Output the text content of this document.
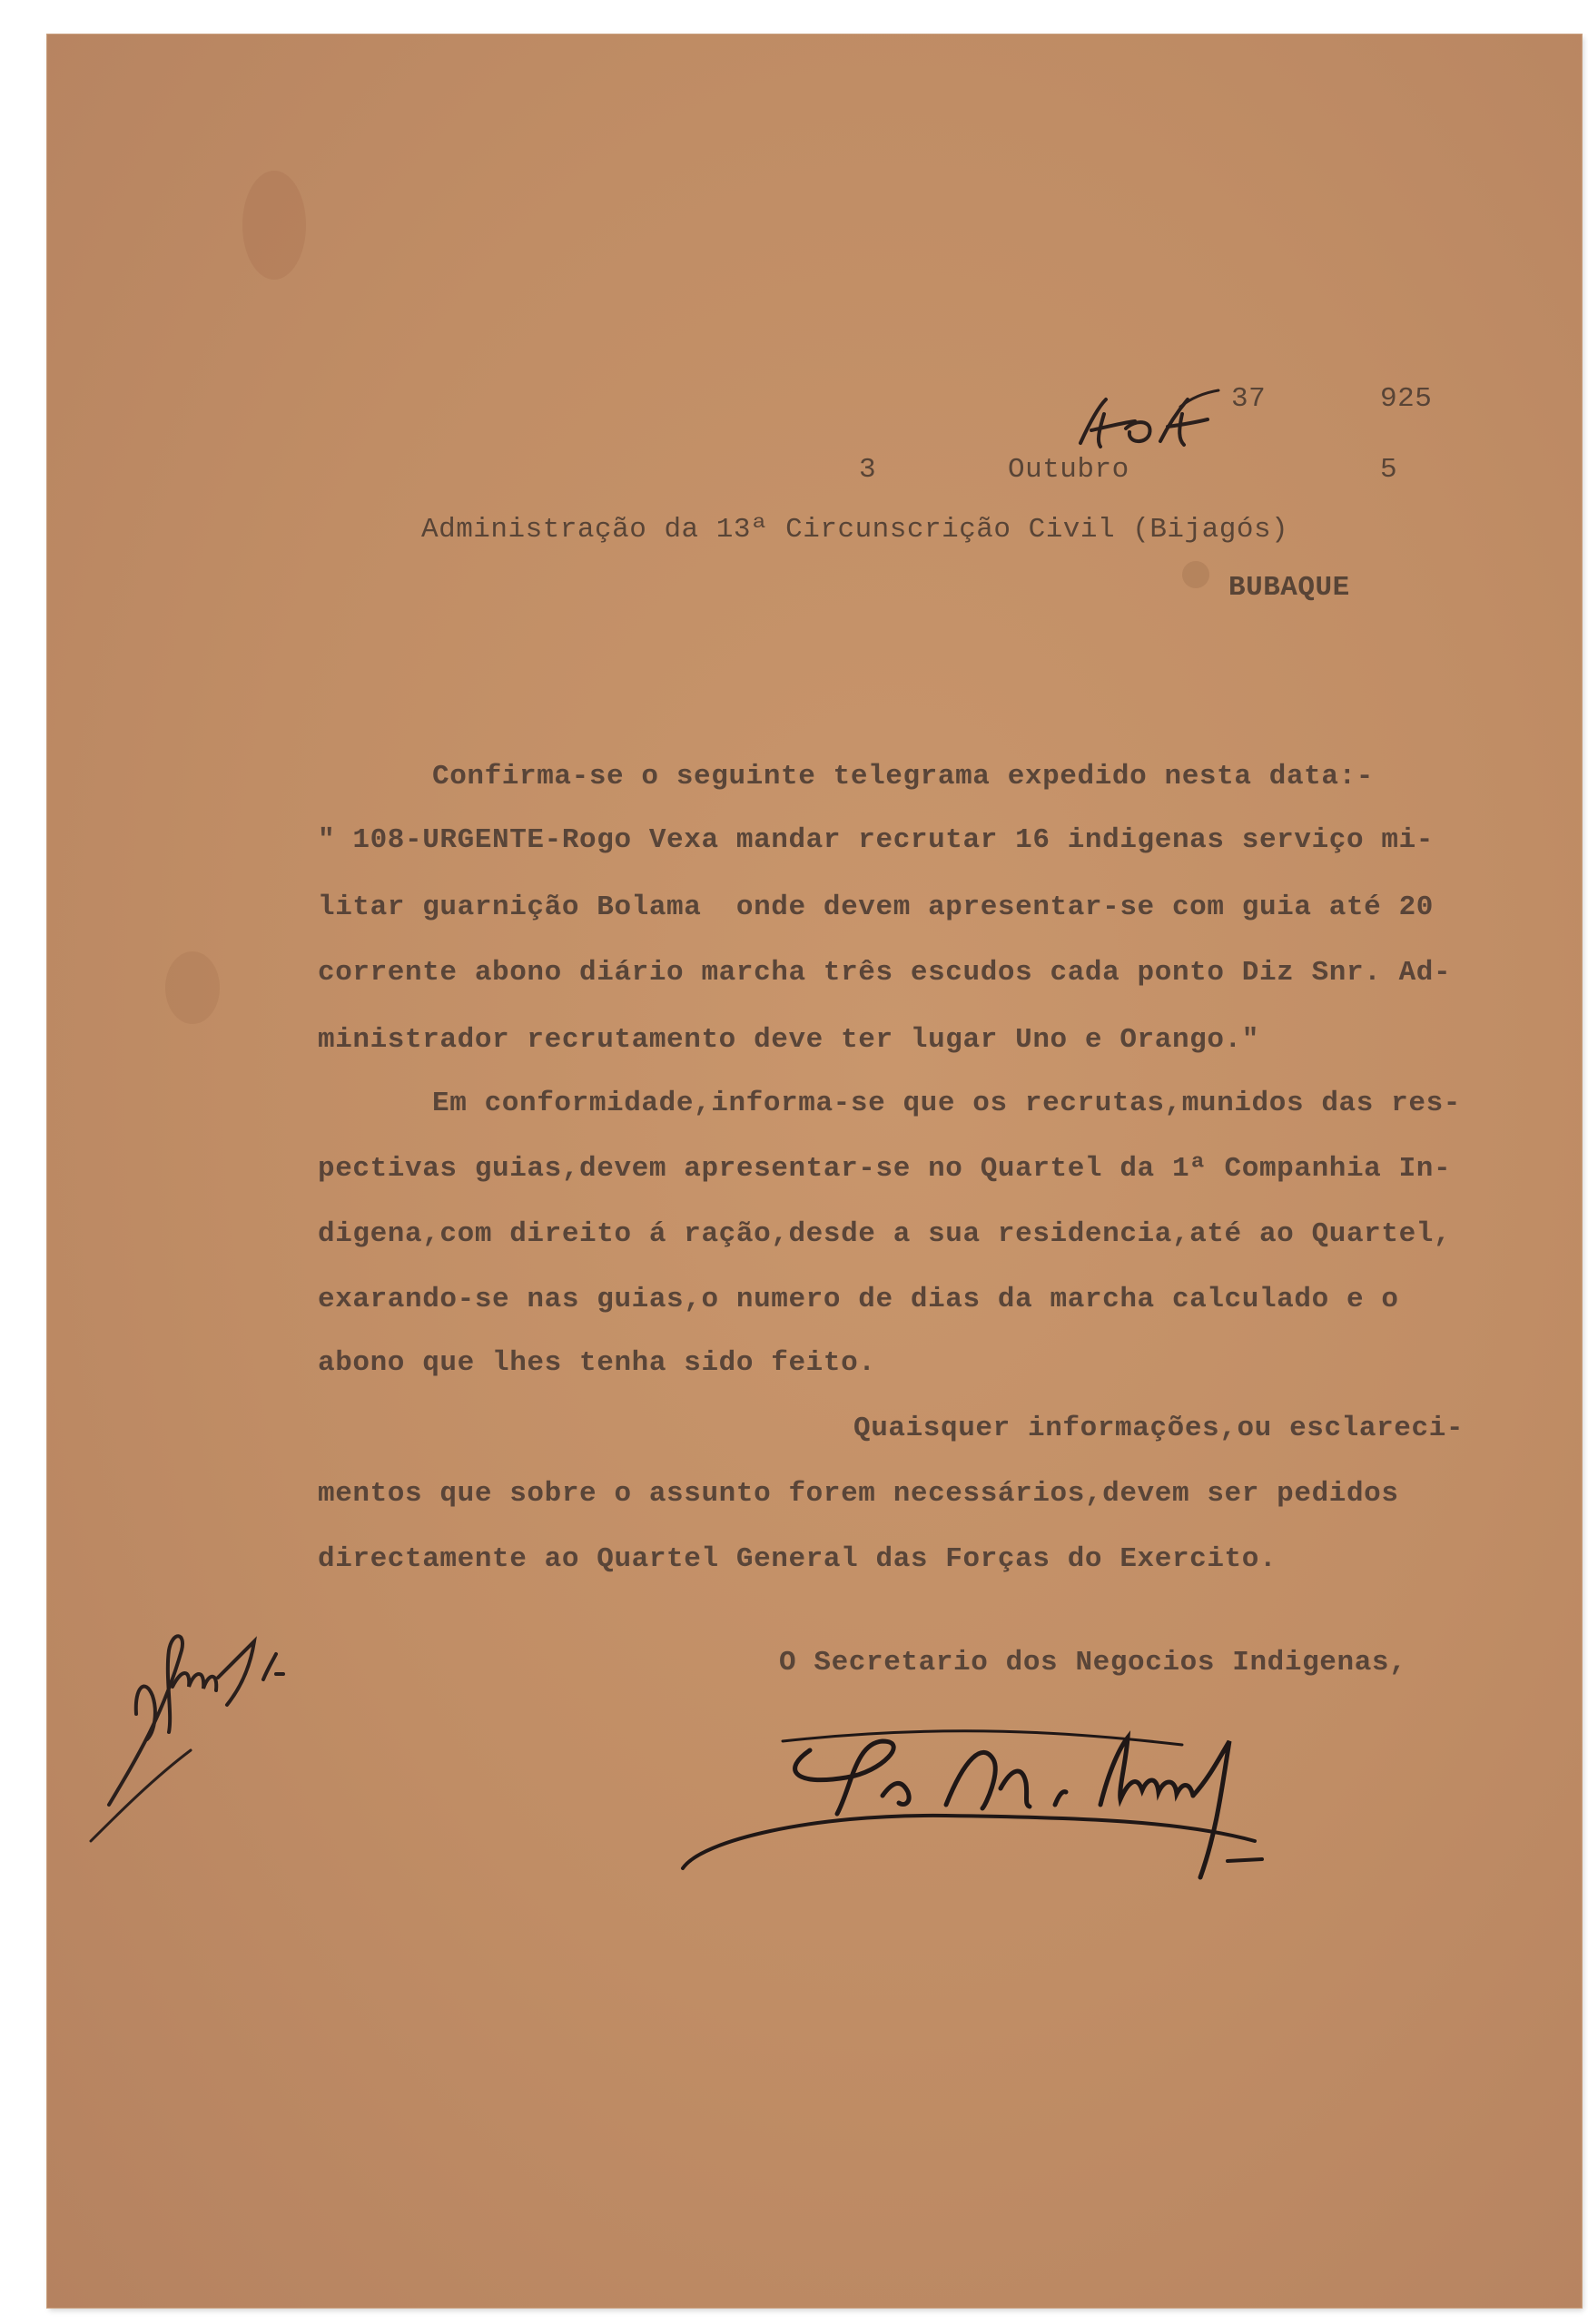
37	925
3	Outubro	5
Administração da 13ª Circunscrição Civil (Bijagós)
BUBAQUE
Confirma-se o seguinte telegrama expedido nesta data:-
" 108-URGENTE-Rogo Vexa mandar recrutar 16 indigenas serviço mi-
litar guarnição Bolama  onde devem apresentar-se com guia até 20
corrente abono diário marcha três escudos cada ponto Diz Snr. Ad-
ministrador recrutamento deve ter lugar Uno e Orango."
Em conformidade,informa-se que os recrutas,munidos das res-
pectivas guias,devem apresentar-se no Quartel da 1ª Companhia In-
digena,com direito á ração,desde a sua residencia,até ao Quartel,
exarando-se nas guias,o numero de dias da marcha calculado e o
abono que lhes tenha sido feito.
Quaisquer informações,ou esclareci-
mentos que sobre o assunto forem necessários,devem ser pedidos
directamente ao Quartel General das Forças do Exercito.
O Secretario dos Negocios Indigenas,
